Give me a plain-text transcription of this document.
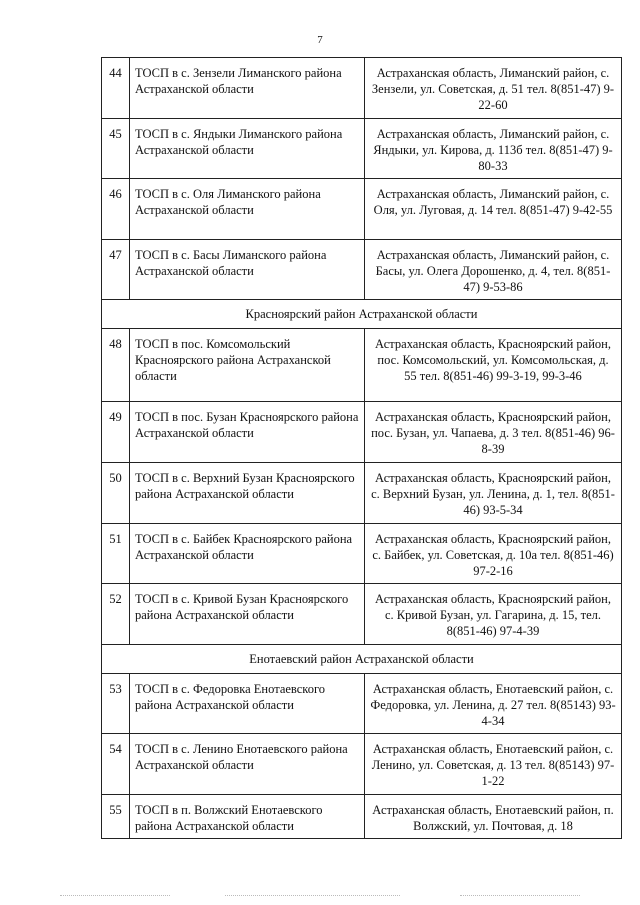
7
44	ТОСП в с. Зензели Лиманского района Астраханской области	Астраханская область, Лиманский район, с. Зензели, ул. Советская, д. 51 тел. 8(851-47) 9-22-60
45	ТОСП в с. Яндыки Лиманского района Астраханской области	Астраханская область, Лиманский район, с. Яндыки, ул. Кирова, д. 113б тел. 8(851-47) 9-80-33
46	ТОСП в с. Оля Лиманского района Астраханской области	Астраханская область, Лиманский район, с. Оля, ул. Луговая, д. 14 тел. 8(851-47) 9-42-55
47	ТОСП в с. Басы Лиманского района Астраханской области	Астраханская область, Лиманский район, с. Басы, ул. Олега Дорошенко, д. 4, тел. 8(851-47) 9-53-86
Красноярский район Астраханской области		
48	ТОСП в пос. Комсомольский Красноярского района Астраханской области	Астраханская область, Красноярский район, пос. Комсомольский, ул. Комсомольская, д. 55 тел. 8(851-46) 99-3-19, 99-3-46
49	ТОСП в пос. Бузан Красноярского района Астраханской области	Астраханская область, Красноярский район, пос. Бузан, ул. Чапаева, д. 3 тел. 8(851-46) 96-8-39
50	ТОСП в с. Верхний Бузан Красноярского района Астраханской области	Астраханская область, Красноярский район, с. Верхний Бузан, ул. Ленина, д. 1, тел. 8(851-46) 93-5-34
51	ТОСП в с. Байбек Красноярского района Астраханской области	Астраханская область, Красноярский район, с. Байбек, ул. Советская, д. 10а тел. 8(851-46) 97-2-16
52	ТОСП в с. Кривой Бузан Красноярского района Астраханской области	Астраханская область, Красноярский район, с. Кривой Бузан, ул. Гагарина, д. 15, тел. 8(851-46) 97-4-39
Енотаевский район Астраханской области		
53	ТОСП в с. Федоровка Енотаевского района Астраханской области	Астраханская область, Енотаевский район, с. Федоровка, ул. Ленина, д. 27 тел. 8(85143) 93-4-34
54	ТОСП в с. Ленино Енотаевского района Астраханской области	Астраханская область, Енотаевский район, с. Ленино, ул. Советская, д. 13 тел. 8(85143) 97-1-22
55	ТОСП в п. Волжский Енотаевского района Астраханской области	Астраханская область, Енотаевский район, п. Волжский, ул. Почтовая, д. 18
